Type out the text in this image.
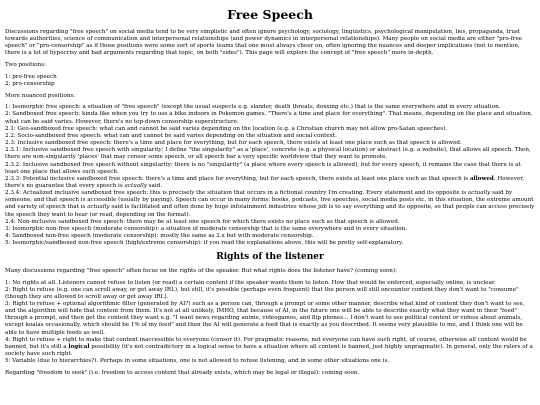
Free Speech

Discussions regarding "free speech" on social media tend to be very simplistic and often ignore psychology, sociology, linguistics, psychological manipulation, lies, propaganda, trust towards authorities, science of communication and interpersonal relationships (and power dynamics in interpersonal relationships). Many people on social media are either "pro-free speech" or "pro-censorship" as if those positions were some sort of sports teams that one must always cheer on, often ignoring the nuances and deeper implications (not to mention, there is a lot of hypocrisy and bad arguments regarding that topic, on both "sides"). This page will explore the concept of "free speech" more in-depth.

Two positions:

1: pro-free speech
2: pro-censorship

More nuanced positions:

1: Isomorphic free speech: a situation of "free speech" (except the usual suspects e.g. slander, death threats, doxxing etc.) that is the same everywhere and in every situation.
2: Sandboxed free speech: kinda like when you try to use a bike indoors in Pokemon games. "There's a time and place for everything". That means, depending on the place and situation, what can be said varies. However, there's no top-down censorship superstructure.
2.1: Geo-sandboxed free speech: what can and cannot be said varies depending on the location (e.g. a Christian church may not allow pro-Satan speeches).
2.2: Socio-sandboxed free speech: what can and cannot be said varies depending on the situation and social context.
2.3: Inclusive sandboxed free speech: there's a time and place for everything, but for each speech, there exists at least one place such as that speech is allowed.
2.3.1: Inclusive sandboxed free speech with singularity: I define "the singularity" as a 'place', concrete (e.g. a physical location) or abstract (e.g. a website), that allows all speech. Then, there are non-singularity 'places' that may censor some speech, or all speech bar a very specific worldview that they want to promote.
2.3.2: Inclusive sandboxed free speech without singularity: there is no "singularity" (a place where every speech is allowed), but for every speech, it remains the case that there is at least one place that allows such speech.
2.3.3: Potential inclusive sandboxed free speech: there's a time and place for everything, but for each speech, there exists at least one place such as that speech is allowed. However, there's no guarantee that every speech is actually said.
2.3.4: Actualized inclusive sandboxed free speech: this is precisely the situation that occurs in a fictional country I'm creating. Every statement and its opposite is actually said by someone, and that speech is accessible (usually by paying). Speech can occur in many forms: books, podcasts, live speeches, social media posts etc. in this situation, the extreme amount and variety of speech that is actually said is facilitated and often done by huge infotainment industries whose job is to say everything and its opposite, so that people can access precisely the speech they want to hear (or read, depending on the format).
2.4: Non-inclusive sandboxed free speech: there may be at least one speech for which there exists no place such as that speech is allowed.
3: Isomorphic non-free speech (moderate censorship): a situation of moderate censorship that is the same everywhere and in every situation.
4: Sandboxed non-free speech (moderate censorship): mostly the same as 2.x but with moderate censorship.
5: Isomorphic/sandboxed non-free speech (high/extreme censorship): if you read the explanations above, this will be pretty self-explanatory.
Rights of the listener

Many discussions regarding "free speech" often focus on the rights of the speaker. But what rights does the listener have? (coming soon):

1: No rights at all. Listeners cannot refuse to listen (or read) a certain content if the speaker wants them to listen. How that would be enforced, especially online, is unclear.
2: Right to refuse (e.g. one can scroll away, or get away IRL), but still, it's possible (perhaps even frequent) that the person will still encounter content they don't want to "consume" (though they are allowed to scroll away or get away IRL).
3: Right to refuse + optional algorithmic filter (generated by AI?) such as a person can, through a prompt or some other manner, describe what kind of content they don't want to see, and the algorithm will hide that content from them. It's not at all unlikely, IMHO, that because of AI, in the future one will be able to describe exactly what they want in their "feed" through a prompt, and then get the content they want e.g. "I want news regarding anime, videogames, and flip phones... I don't want to see political content or videos about animals, except koalas occasionally, which should be 1% of my feed" and then the AI will generate a feed that is exactly as you described. It seems very plausible to me, and I think one will be able to have multiple feeds as well.
4: Right to refuse + right to make that content inaccessible to everyone (censor it). For pragmatic reasons, not everyone can have such right, of course, otherwise all content would be banned, but it's still a logical possibility (it's not contradictory in a logical sense to have a situation where all content is banned, just highly unpragmatic). In general, only the rulers of a society have such right.
5: Variable (due to hierarchies?). Perhaps in some situations, one is not allowed to refuse listening, and in some other situations one is.

Regarding "freedom to seek" (i.e. freedom to access content that already exists, which may be legal or illegal): coming soon.
